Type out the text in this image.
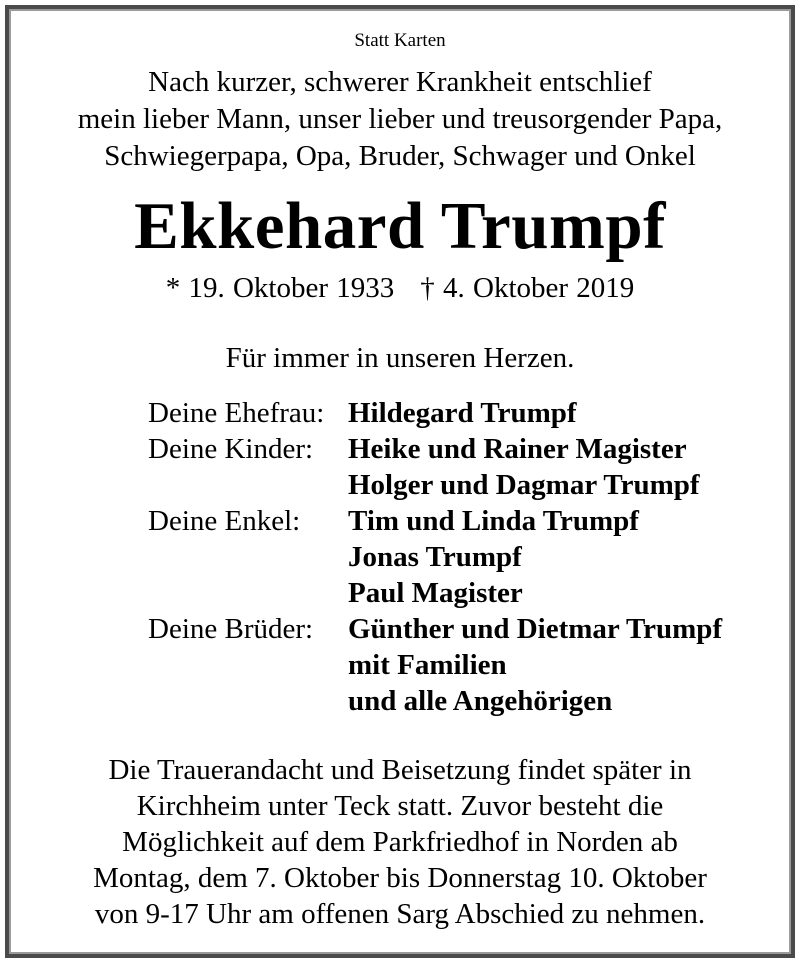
Statt Karten
Nach kurzer, schwerer Krankheit entschlief
mein lieber Mann, unser lieber und treusorgender Papa,
Schwiegerpapa, Opa, Bruder, Schwager und Onkel
Ekkehard Trumpf
* 19. Oktober 1933 † 4. Oktober 2019
Für immer in unseren Herzen.
Deine Ehefrau: Hildegard Trumpf
Deine Kinder: Heike und Rainer Magister
Holger und Dagmar Trumpf
Deine Enkel: Tim und Linda Trumpf
Jonas Trumpf
Paul Magister
Deine Brüder: Günther und Dietmar Trumpf
mit Familien
und alle Angehörigen
Die Trauerandacht und Beisetzung findet später in
Kirchheim unter Teck statt. Zuvor besteht die
Möglichkeit auf dem Parkfriedhof in Norden ab
Montag, dem 7. Oktober bis Donnerstag 10. Oktober
von 9-17 Uhr am offenen Sarg Abschied zu nehmen.
